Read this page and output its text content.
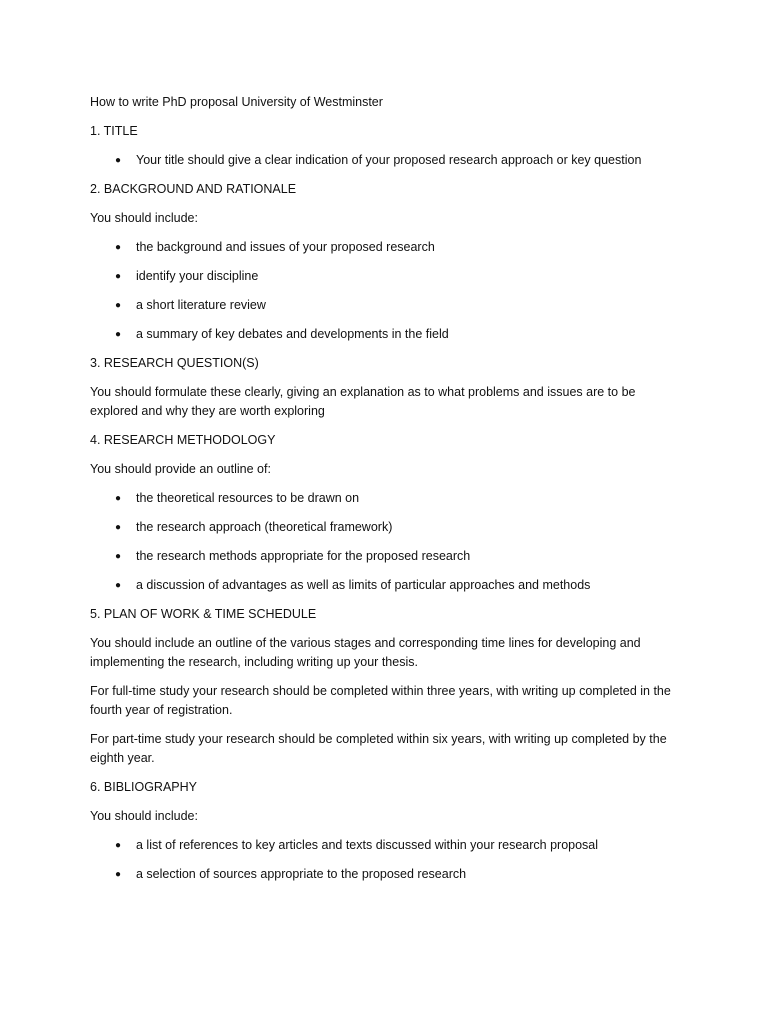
How to write PhD proposal University of Westminster
1. TITLE
● Your title should give a clear indication of your proposed research approach or key question
2. BACKGROUND AND RATIONALE
You should include:
● the background and issues of your proposed research
● identify your discipline
● a short literature review
● a summary of key debates and developments in the field
3. RESEARCH QUESTION(S)
You should formulate these clearly, giving an explanation as to what problems and issues are to be explored and why they are worth exploring
4. RESEARCH METHODOLOGY
You should provide an outline of:
● the theoretical resources to be drawn on
● the research approach (theoretical framework)
● the research methods appropriate for the proposed research
● a discussion of advantages as well as limits of particular approaches and methods
5. PLAN OF WORK & TIME SCHEDULE
You should include an outline of the various stages and corresponding time lines for developing and implementing the research, including writing up your thesis.
For full-time study your research should be completed within three years, with writing up completed in the fourth year of registration.
For part-time study your research should be completed within six years, with writing up completed by the eighth year.
6. BIBLIOGRAPHY
You should include:
● a list of references to key articles and texts discussed within your research proposal
● a selection of sources appropriate to the proposed research
